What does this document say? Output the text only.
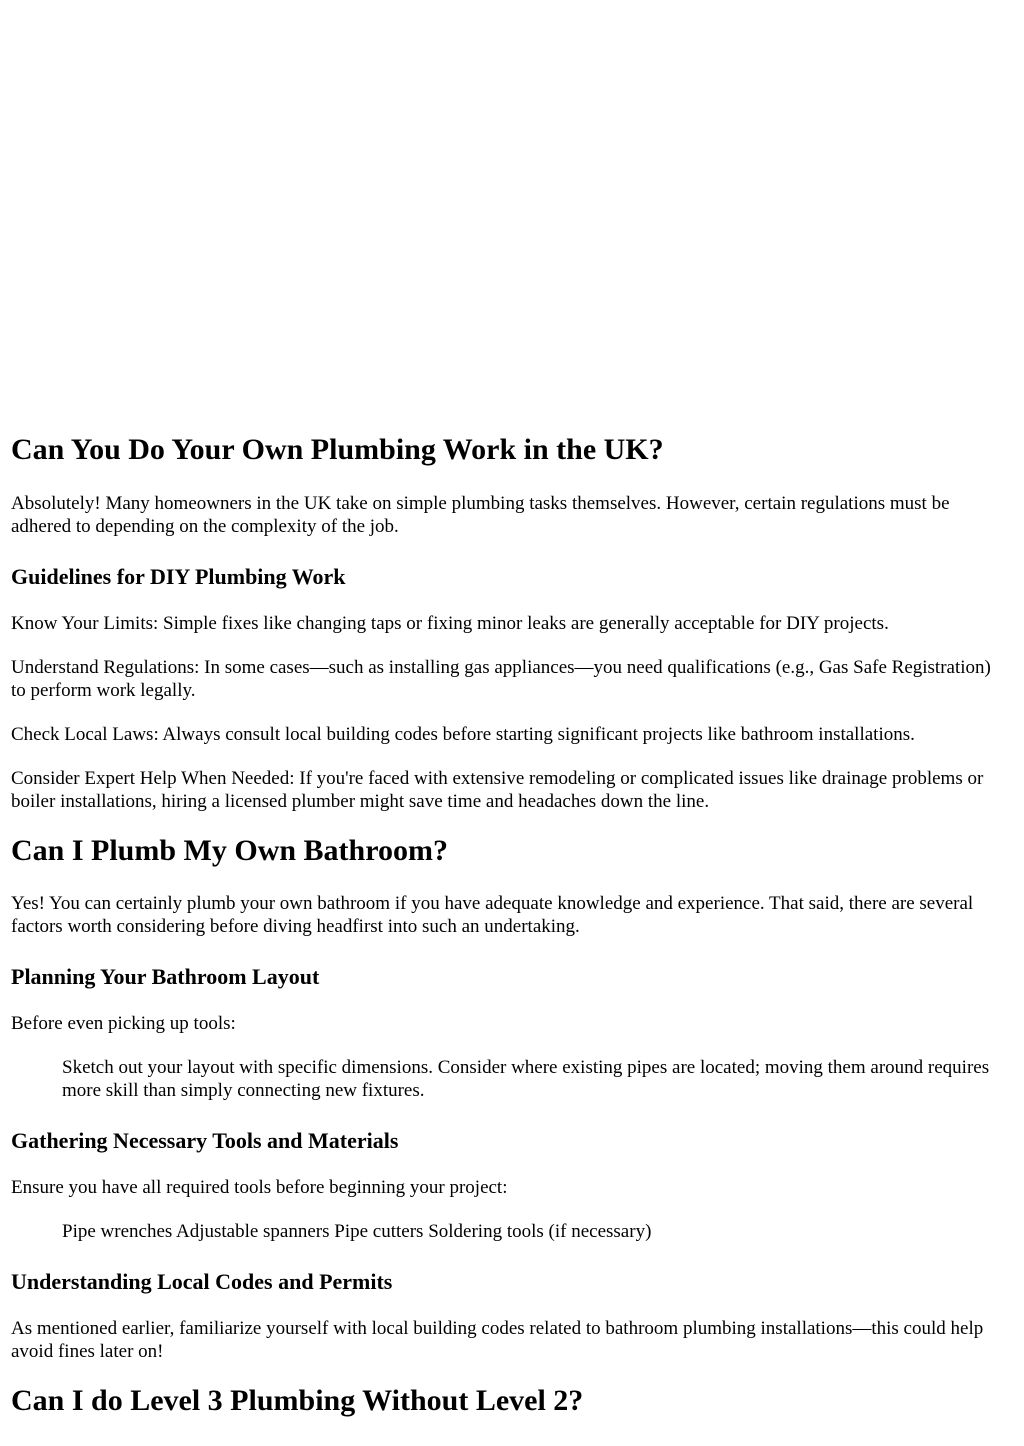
Can You Do Your Own Plumbing Work in the UK?

Absolutely! Many homeowners in the UK take on simple plumbing tasks themselves. However, certain regulations must be adhered to depending on the complexity of the job.

Guidelines for DIY Plumbing Work

Know Your Limits: Simple fixes like changing taps or fixing minor leaks are generally acceptable for DIY projects.

Understand Regulations: In some cases—such as installing gas appliances—you need qualifications (e.g., Gas Safe Registration) to perform work legally.

Check Local Laws: Always consult local building codes before starting significant projects like bathroom installations.

Consider Expert Help When Needed: If you're faced with extensive remodeling or complicated issues like drainage problems or boiler installations, hiring a licensed plumber might save time and headaches down the line.

Can I Plumb My Own Bathroom?

Yes! You can certainly plumb your own bathroom if you have adequate knowledge and experience. That said, there are several factors worth considering before diving headfirst into such an undertaking.

Planning Your Bathroom Layout

Before even picking up tools:

Sketch out your layout with specific dimensions. Consider where existing pipes are located; moving them around requires more skill than simply connecting new fixtures.

Gathering Necessary Tools and Materials

Ensure you have all required tools before beginning your project:

Pipe wrenches Adjustable spanners Pipe cutters Soldering tools (if necessary)

Understanding Local Codes and Permits

As mentioned earlier, familiarize yourself with local building codes related to bathroom plumbing installations—this could help avoid fines later on!

Can I do Level 3 Plumbing Without Level 2?
